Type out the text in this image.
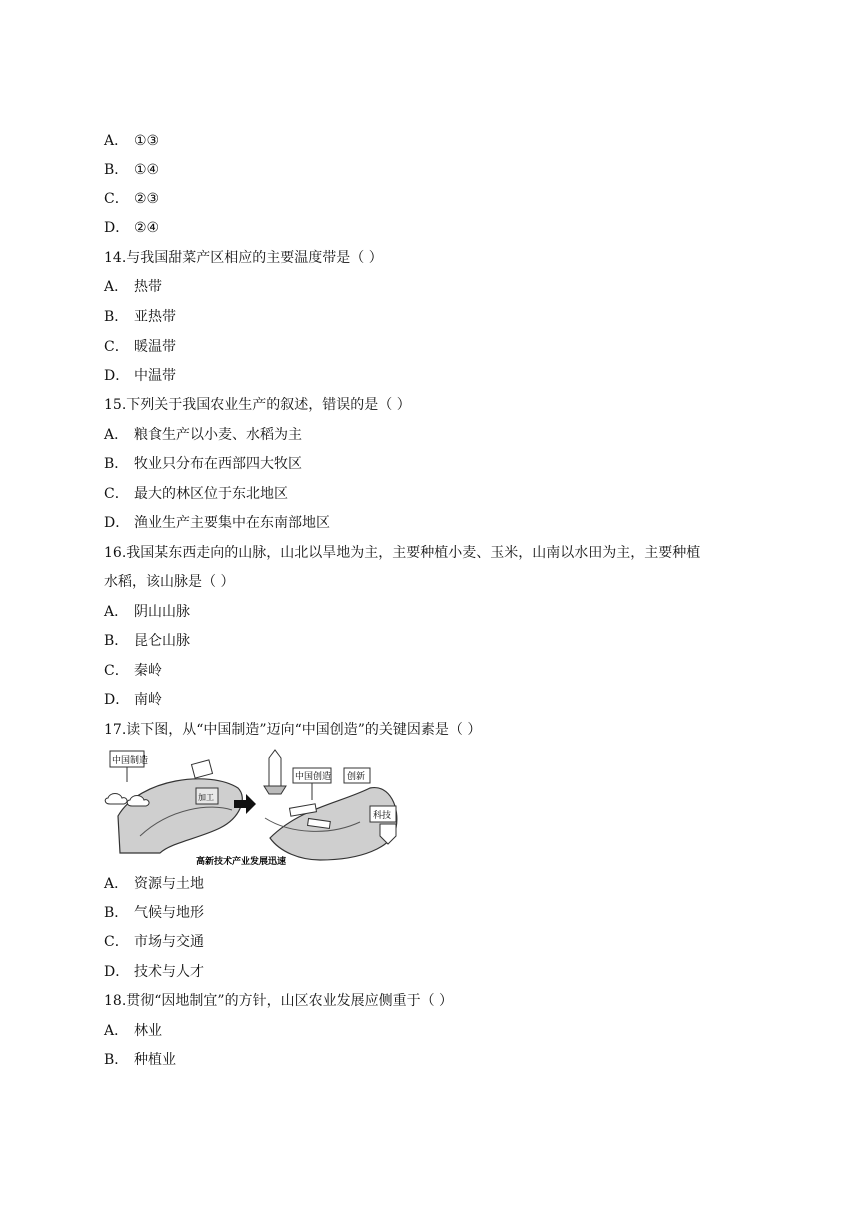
A． ①③
B． ①④
C． ②③
D． ②④
14.与我国甜菜产区相应的主要温度带是（ ）
A． 热带
B． 亚热带
C． 暖温带
D． 中温带
15.下列关于我国农业生产的叙述，错误的是（ ）
A． 粮食生产以小麦、水稻为主
B． 牧业只分布在西部四大牧区
C． 最大的林区位于东北地区
D． 渔业生产主要集中在东南部地区
16.我国某东西走向的山脉，山北以旱地为主，主要种植小麦、玉米，山南以水田为主，主要种植
水稻，该山脉是（ ）
A． 阴山山脉
B． 昆仑山脉
C． 秦岭
D． 南岭
17.读下图，从“中国制造”迈向“中国创造”的关键因素是（ ）
中国制造
加工
中国创造 创新
科技
高新技术产业发展迅速
A． 资源与土地
B． 气候与地形
C． 市场与交通
D． 技术与人才
18.贯彻“因地制宜”的方针，山区农业发展应侧重于（ ）
A． 林业
B． 种植业
